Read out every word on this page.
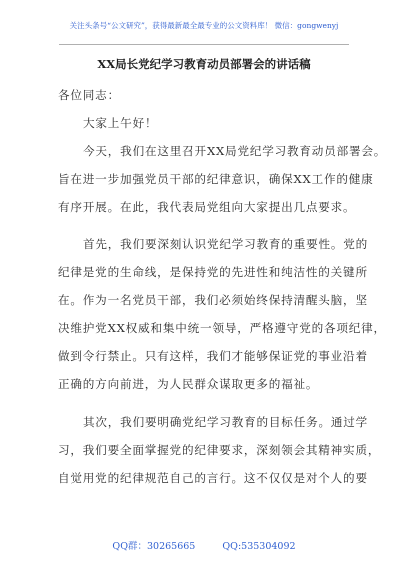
关注头条号“公文研究”，获得最新最全最专业的公文资料库！ 微信：gongwenyj
XX局长党纪学习教育动员部署会的讲话稿
各位同志：
大家上午好！
今天，我们在这里召开XX局党纪学习教育动员部署会。
旨在进一步加强党员干部的纪律意识，确保XX工作的健康
有序开展。在此，我代表局党组向大家提出几点要求。
首先，我们要深刻认识党纪学习教育的重要性。党的
纪律是党的生命线，是保持党的先进性和纯洁性的关键所
在。作为一名党员干部，我们必须始终保持清醒头脑，坚
决维护党XX权威和集中统一领导，严格遵守党的各项纪律，
做到令行禁止。只有这样，我们才能够保证党的事业沿着
正确的方向前进，为人民群众谋取更多的福祉。
其次，我们要明确党纪学习教育的目标任务。通过学
习，我们要全面掌握党的纪律要求，深刻领会其精神实质，
自觉用党的纪律规范自己的言行。这不仅仅是对个人的要
QQ群：30265665	QQ:535304092
